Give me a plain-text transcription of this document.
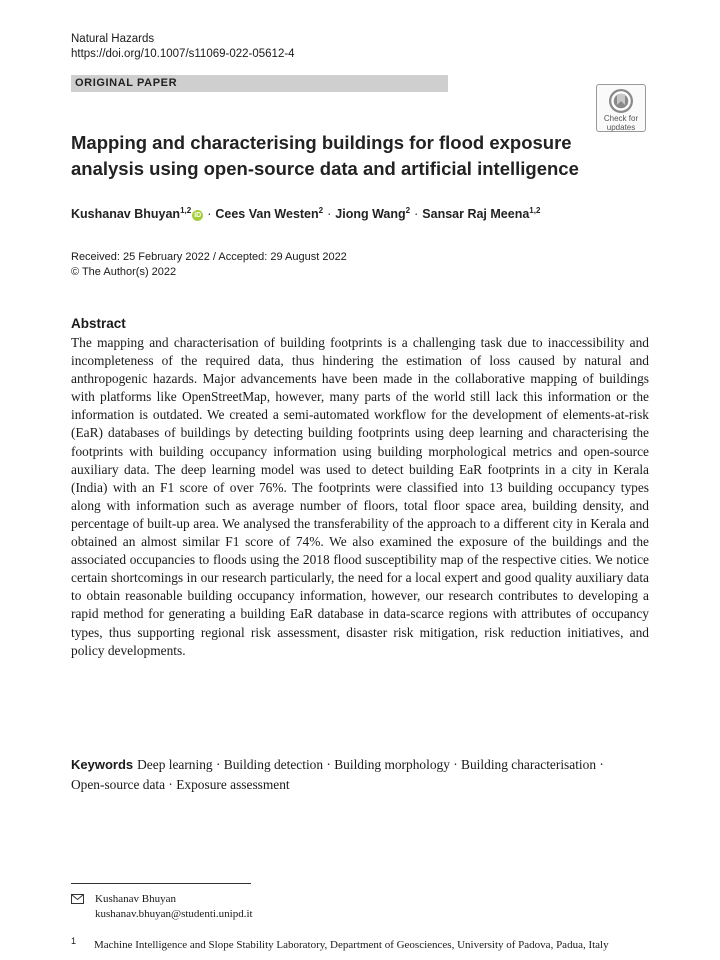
Natural Hazards
https://doi.org/10.1007/s11069-022-05612-4
ORIGINAL PAPER
Check for
updates
Mapping and characterising buildings for flood exposure analysis using open-source data and artificial intelligence
Kushanav Bhuyan$^{1,2}$iD · Cees Van Westen$^2$ · Jiong Wang$^2$ · Sansar Raj Meena$^{1,2}$
Received: 25 February 2022 / Accepted: 29 August 2022
© The Author(s) 2022
Abstract
The mapping and characterisation of building footprints is a challenging task due to inaccessibility and incompleteness of the required data, thus hindering the estimation of loss caused by natural and anthropogenic hazards. Major advancements have been made in the collaborative mapping of buildings with platforms like OpenStreetMap, however, many parts of the world still lack this information or the information is outdated. We created a semi-automated workflow for the development of elements-at-risk (EaR) databases of buildings by detecting building footprints using deep learning and characterising the footprints with building occupancy information using building morphological metrics and open-source auxiliary data. The deep learning model was used to detect building EaR footprints in a city in Kerala (India) with an F1 score of over 76%. The footprints were classified into 13 building occupancy types along with information such as average number of floors, total floor space area, building density, and percentage of built-up area. We analysed the transferability of the approach to a different city in Kerala and obtained an almost similar F1 score of 74%. We also examined the exposure of the buildings and the associated occupancies to floods using the 2018 flood susceptibility map of the respective cities. We notice certain shortcomings in our research particularly, the need for a local expert and good quality auxiliary data to obtain reasonable building occupancy information, however, our research contributes to developing a rapid method for generating a building EaR database in data-scarce regions with attributes of occupancy types, thus supporting regional risk assessment, disaster risk mitigation, risk reduction initiatives, and policy developments.
Keywords Deep learning · Building detection · Building morphology · Building characterisation · Open-source data · Exposure assessment
Kushanav Bhuyan
kushanav.bhuyan@studenti.unipd.it
1 Machine Intelligence and Slope Stability Laboratory, Department of Geosciences, University of Padova, Padua, Italy
